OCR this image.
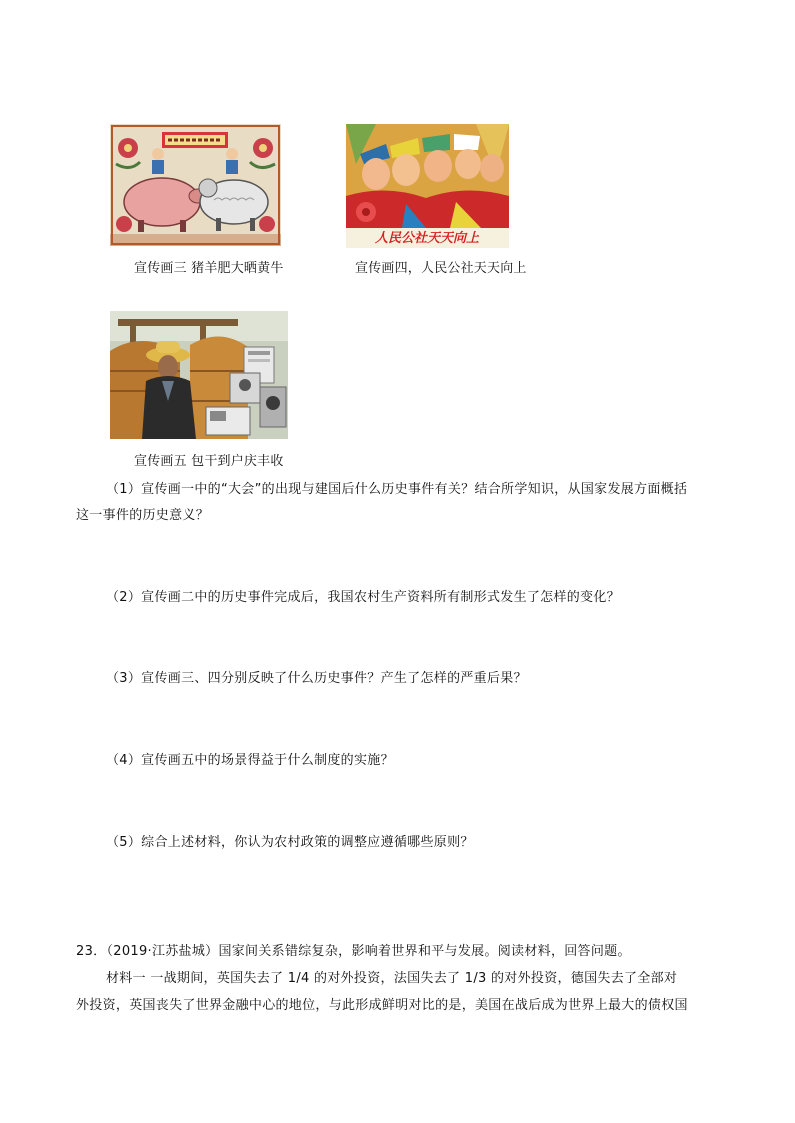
人民公社天天向上
宣传画三 猪羊肥大晒黄牛	宣传画四，人民公社天天向上
宣传画五 包干到户庆丰收
（1）宣传画一中的“大会”的出现与建国后什么历史事件有关？结合所学知识，从国家发展方面概括
这一事件的历史意义？
（2）宣传画二中的历史事件完成后，我国农村生产资料所有制形式发生了怎样的变化？
（3）宣传画三、四分别反映了什么历史事件？产生了怎样的严重后果？
（4）宣传画五中的场景得益于什么制度的实施？
（5）综合上述材料，你认为农村政策的调整应遵循哪些原则？
23．（2019·江苏盐城）国家间关系错综复杂，影响着世界和平与发展。阅读材料，回答问题。
材料一 一战期间，英国失去了 1/4 的对外投资，法国失去了 1/3 的对外投资，德国失去了全部对
外投资，英国丧失了世界金融中心的地位，与此形成鲜明对比的是，美国在战后成为世界上最大的债权国
